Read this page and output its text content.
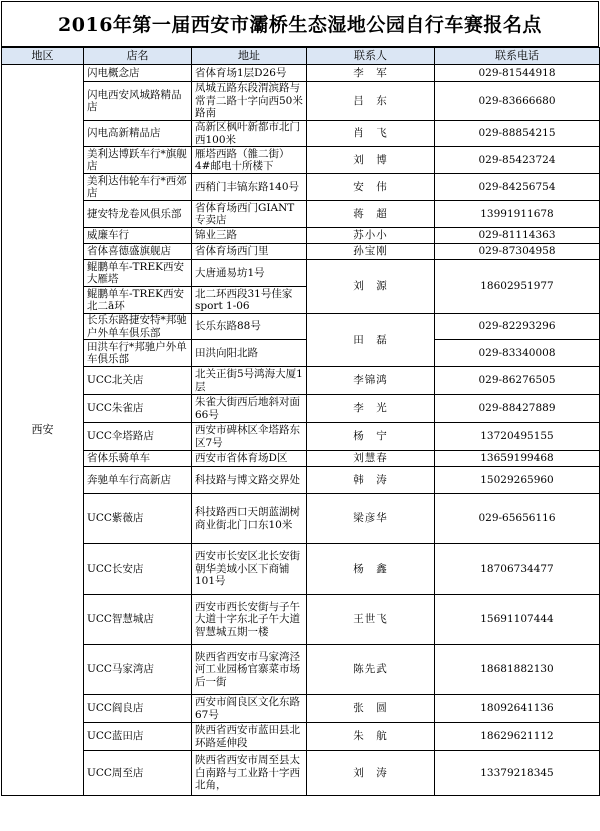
2016年第一届西安市灞桥生态湿地公园自行车赛报名点
地区	店名	地址	联系人	联系电话
西安	闪电概念店	省体育场1层D26号	李　军	029-81544918
	闪电西安风城路精品店	凤城五路东段渭滨路与常青二路十字向西50米路南	吕　东	029-83666680
	闪电高新精品店	高新区枫叶新都市北门西100米	肖　飞	029-88854215
	美利达博跃车行*旗舰店	雁塔西路（雒二街）4#邮电十所楼下	刘　博	029-85423724
	美利达伟轮车行*西郊店	西稍门丰镐东路140号	安　伟	029-84256754
	捷安特龙卷风俱乐部	省体育场西门GIANT专卖店	蒋　超	13991911678
	威廉车行	锦业三路	苏小小	029-81114363
	省体喜德盛旗舰店	省体育场西门里	孙宝刚	029-87304958
	鲲鹏单车-TREK西安大雁塔	大唐通易坊1号	刘　源	18602951977
	鲲鹏单车-TREK西安北二ā环	北二环西段31号佳家sport 1-06		
	长乐东路捷安特*邦驰户外单车俱乐部	长乐东路88号	田　磊	029-82293296
	田洪车行*邦驰户外单车俱乐部	田洪向阳北路		029-83340008
	UCC北关店	北关正街5号鸿海大厦1层	李锦鸿	029-86276505
	UCC朱雀店	朱雀大街西后地斜对面66号	李　光	029-88427889
	UCC伞塔路店	西安市碑林区伞塔路东区7号	杨　宁	13720495155
	省体乐骑单车	西安市省体育场D区	刘慧春	13659199468
	奔驰单车行高新店	科技路与博文路交界处	韩　涛	15029265960
	UCC紫薇店	科技路西口天朗蓝湖树商业街北门口东10米	梁彦华	029-65656116
	UCC长安店	西安市长安区北长安街朝华美域小区下商铺101号	杨　鑫	18706734477
	UCC智慧城店	西安市西长安街与子午大道十字东北子午大道智慧城五期一楼	王世飞	15691107444
	UCC马家湾店	陕西省西安市马家湾泾河工业园杨官寨菜市场后一街	陈先武	18681882130
	UCC阎良店	西安市阎良区文化东路67号	张　圆	18092641136
	UCC蓝田店	陕西省西安市蓝田县北环路延伸段	朱　航	18629621112
	UCC周至店	陕西省西安市周至县太白南路与工业路十字西北角，	刘　涛	13379218345
